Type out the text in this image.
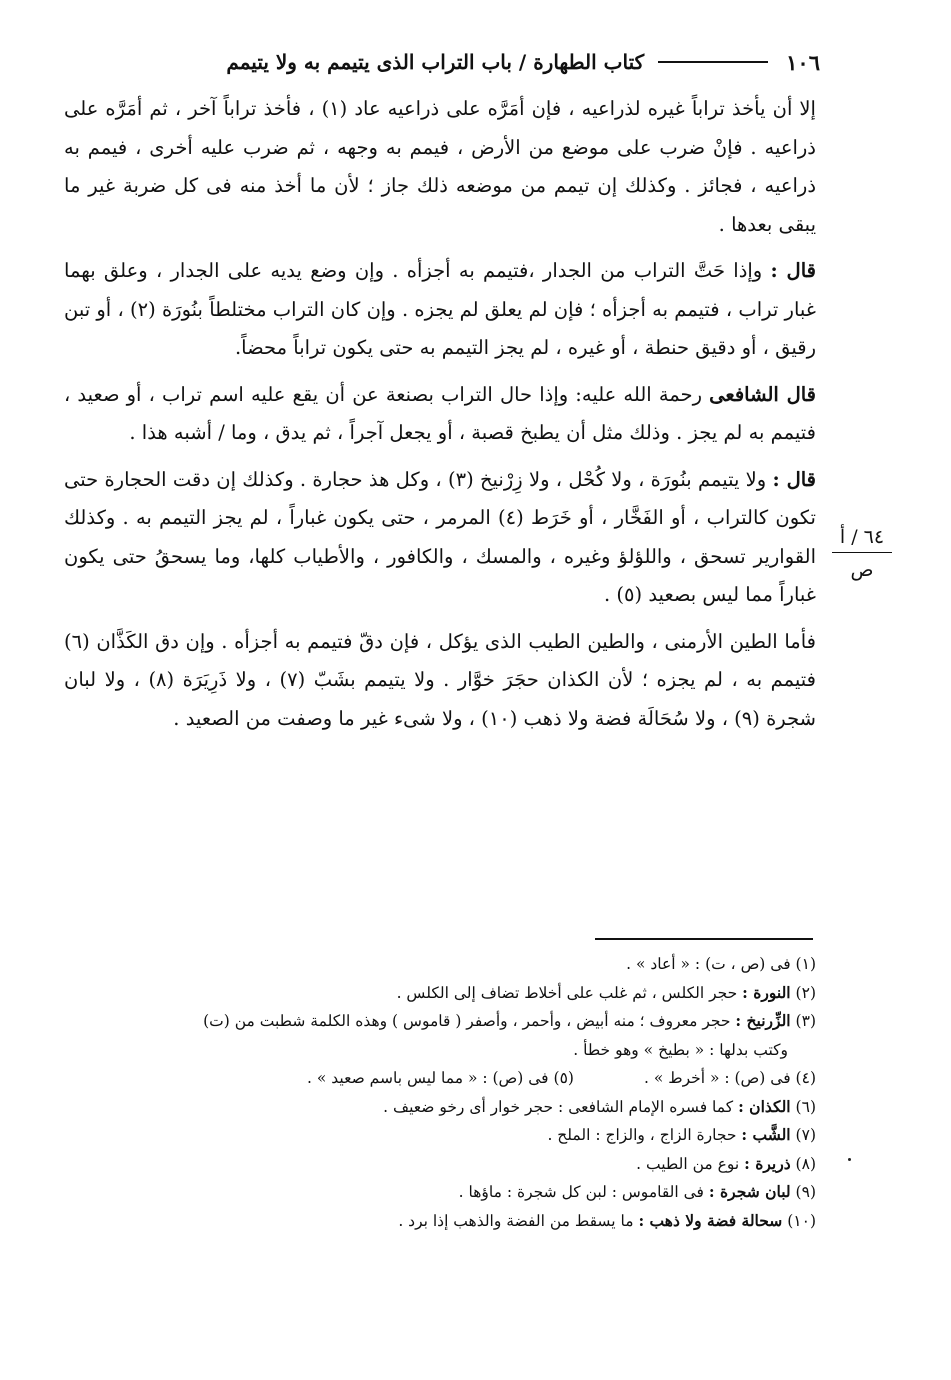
١٠٦
كتاب الطهارة / باب التراب الذى يتيمم به ولا يتيمم

إلا أن يأخذ تراباً غيره لذراعيه ، فإن أمَرَّه على ذراعيه عاد (١) ، فأخذ تراباً آخر ، ثم أمَرَّه على ذراعيه . فإنْ ضرب على موضع من الأرض ، فيمم به وجهه ، ثم ضرب عليه أخرى ، فيمم به ذراعيه ، فجائز . وكذلك إن تيمم من موضعه ذلك جاز ؛ لأن ما أخذ منه فى كل ضربة غير ما يبقى بعدها .

قال : وإذا حَتَّ التراب من الجدار ،فتيمم به أجزأه . وإن وضع يديه على الجدار ، وعلق بهما غبار تراب ، فتيمم به أجزأه ؛ فإن لم يعلق لم يجزه . وإن كان التراب مختلطاً بنُورَة (٢) ، أو تبن رقيق ، أو دقيق حنطة ، أو غيره ، لم يجز التيمم به حتى يكون تراباً محضاً.

قال الشافعى رحمة الله عليه: وإذا حال التراب بصنعة عن أن يقع عليه اسم تراب ، أو صعيد ، فتيمم به لم يجز . وذلك مثل أن يطبخ قصبة ، أو يجعل آجراً ، ثم يدق ، وما / أشبه هذا .

قال : ولا يتيمم بنُورَة ، ولا كُحْل ، ولا زِرْنيخ (٣) ، وكل هذ حجارة . وكذلك إن دقت الحجارة حتى تكون كالتراب ، أو الفَخَّار ، أو خَرَط (٤) المرمر ، حتى يكون غباراً ، لم يجز التيمم به . وكذلك القوارير تسحق ، واللؤلؤ وغيره ، والمسك ، والكافور ، والأطياب كلها، وما يسحقُ حتى يكون غباراً مما ليس بصعيد (٥) .

فأما الطين الأرمنى ، والطين الطيب الذى يؤكل ، فإن دقّ فتيمم به أجزأه . وإن دق الكَذَّان (٦) فتيمم به ، لم يجزه ؛ لأن الكذان حجَرَ خوَّار . ولا يتيمم بشَبّ (٧) ، ولا ذَرِيَرَة (٨) ، ولا لبان شجرة (٩) ، ولا سُحَالَة فضة ولا ذهب (١٠) ، ولا شىء غير ما وصفت من الصعيد .

٦٤ / أ
ص
(١) فى (ص ، ت) : « أعاد » .
(٢) النورة : حجر الكلس ، ثم غلب على أخلاط تضاف إلى الكلس .
(٣) الزِّرنيخ : حجر معروف ؛ منه أبيض ، وأحمر ، وأصفر ( قاموس ) وهذه الكلمة شطبت من (ت)
وكتب بدلها : « بطيخ » وهو خطأ .
(٤) فى (ص) : « أخرط » .
(٥) فى (ص) : « مما ليس باسم صعيد » .
(٦) الكذان : كما فسره الإمام الشافعى : حجر خوار أى رخو ضعيف .
(٧) الشَّب : حجارة الزاج ، والزاج : الملح .
(٨) ذريرة : نوع من الطيب .
(٩) لبان شجرة : فى القاموس : لبن كل شجرة : ماؤها .
(١٠) سحالة فضة ولا ذهب : ما يسقط من الفضة والذهب إذا برد .
